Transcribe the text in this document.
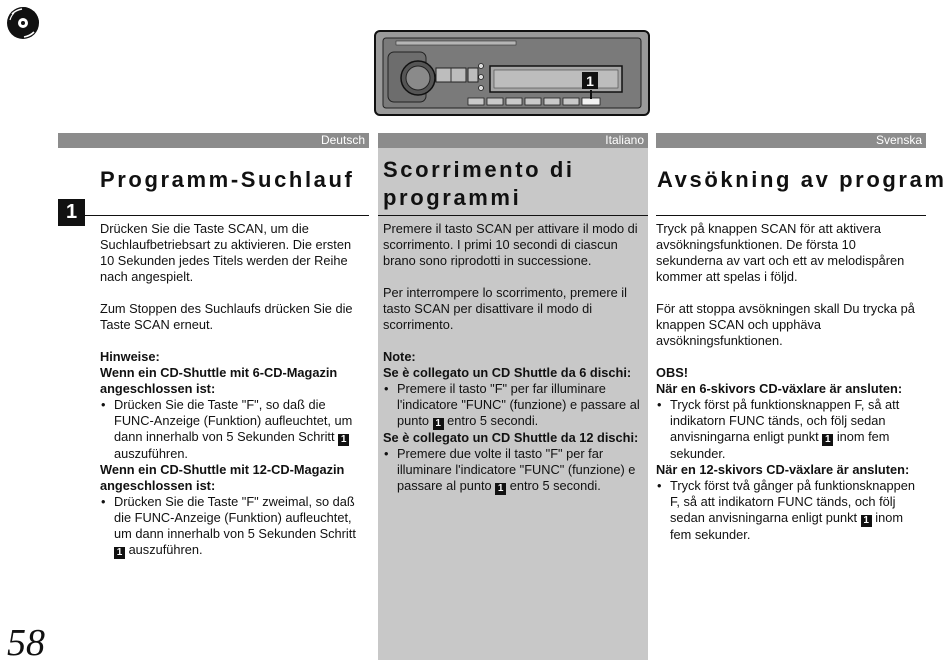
1
Deutsch	Italiano	Svenska
Programm-Suchlauf Scorrimento di
programmi
Avsökning av program
1

Drücken Sie die Taste SCAN, um die Suchlaufbetriebsart zu aktivieren. Die ersten 10 Sekunden jedes Titels werden der Reihe nach angespielt.

Zum Stoppen des Suchlaufs drücken Sie die Taste SCAN erneut.

Hinweise:

Wenn ein CD-Shuttle mit 6-CD-Magazin angeschlossen ist:

• Drücken Sie die Taste "F", so daß die FUNC-Anzeige (Funktion) aufleuchtet, um dann innerhalb von 5 Sekunden Schritt 1
auszuführen.

Wenn ein CD-Shuttle mit 12-CD-Magazin angeschlossen ist:

• Drücken Sie die Taste "F" zweimal, so daß die FUNC-Anzeige (Funktion) aufleuchtet, um dann innerhalb von 5 Sekunden Schritt
1 auszuführen.

Premere il tasto SCAN per attivare il modo di scorrimento. I primi 10 secondi di ciascun brano sono riprodotti in successione.

Per interrompere lo scorrimento, premere il tasto SCAN per disattivare il modo di scorrimento.

Note:

Se è collegato un CD Shuttle da 6 dischi:

• Premere il tasto "F" per far illuminare l'indicatore "FUNC" (funzione) e passare al punto 1 entro 5 secondi.

Se è collegato un CD Shuttle da 12 dischi:

• Premere due volte il tasto "F" per far illuminare l'indicatore "FUNC" (funzione) e passare al punto 1 entro 5 secondi.

Tryck på knappen SCAN för att aktivera avsökningsfunktionen. De första 10 sekunderna av vart och ett av melodispåren kommer att spelas i följd.

För att stoppa avsökningen skall Du trycka på knappen SCAN och upphäva avsökningsfunktionen.

OBS!

När en 6-skivors CD-växlare är ansluten:

• Tryck först på funktionsknappen F, så att indikatorn FUNC tänds, och följ sedan anvisningarna enligt punkt 1 inom fem sekunder.

När en 12-skivors CD-växlare är ansluten:

• Tryck först två gånger på funktionsknappen F, så att indikatorn FUNC tänds, och följ sedan anvisningarna enligt punkt 1 inom fem sekunder.

58
